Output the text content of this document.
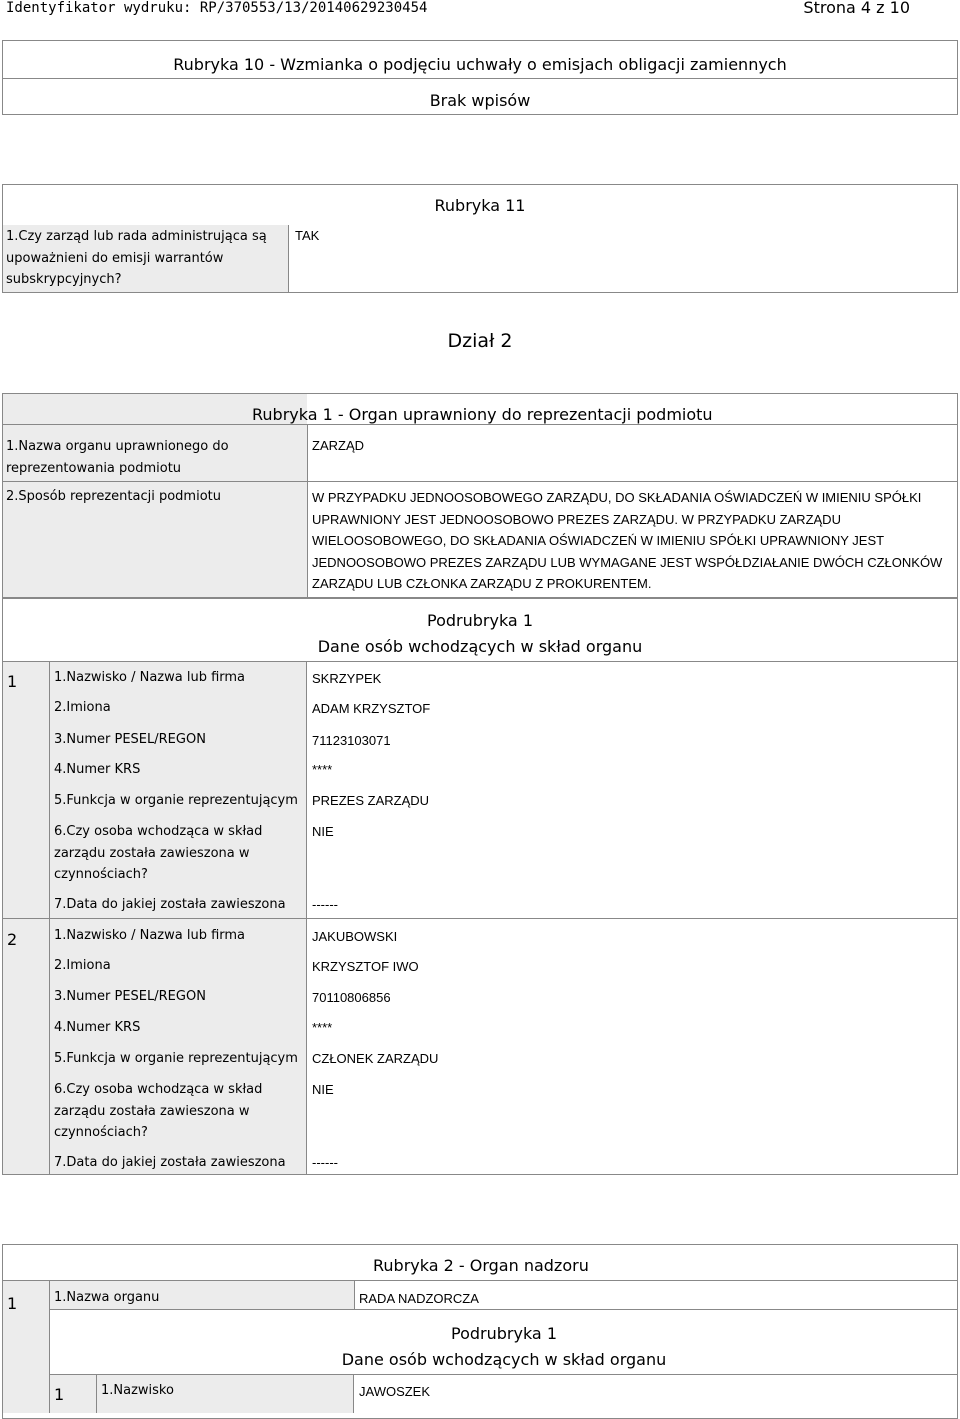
Identyfikator wydruku: RP/370553/13/20140629230454	Strona 4 z 10
Rubryka 10 - Wzmianka o podjęciu uchwały o emisjach obligacji zamiennych
Brak wpisów
Rubryka 11
1.Czy zarząd lub rada administrująca są upoważnieni do emisji warrantów subskrypcyjnych?
TAK
Dział 2
Rubryka 1 - Organ uprawniony do reprezentacji podmiotu
1.Nazwa organu uprawnionego do reprezentowania podmiotu
ZARZĄD
2.Sposób reprezentacji podmiotu	W PRZYPADKU JEDNOOSOBOWEGO ZARZĄDU, DO SKŁADANIA OŚWIADCZEŃ W IMIENIU SPÓŁKI UPRAWNIONY JEST JEDNOOSOBOWO PREZES ZARZĄDU. W PRZYPADKU ZARZĄDU WIELOOSOBOWEGO, DO SKŁADANIA OŚWIADCZEŃ W IMIENIU SPÓŁKI UPRAWNIONY JEST JEDNOOSOBOWO PREZES ZARZĄDU LUB WYMAGANE JEST WSPÓŁDZIAŁANIE DWÓCH CZŁONKÓW ZARZĄDU LUB CZŁONKA ZARZĄDU Z PROKURENTEM.
Podrubryka 1
Dane osób wchodzących w skład organu
1	1.Nazwisko / Nazwa lub firma	SKRZYPEK
2.Imiona	ADAM KRZYSZTOF
3.Numer PESEL/REGON	71123103071
4.Numer KRS	****
5.Funkcja w organie reprezentującym PREZES ZARZĄDU
6.Czy osoba wchodząca w skład zarządu została zawieszona w czynnościach?
NIE
7.Data do jakiej została zawieszona ------
2	1.Nazwisko / Nazwa lub firma	JAKUBOWSKI
2.Imiona	KRZYSZTOF IWO
3.Numer PESEL/REGON	70110806856
4.Numer KRS	****
5.Funkcja w organie reprezentującym CZŁONEK ZARZĄDU
6.Czy osoba wchodząca w skład zarządu została zawieszona w czynnościach?
NIE
7.Data do jakiej została zawieszona ------
Rubryka 2 - Organ nadzoru
1	1.Nazwa organu	RADA NADZORCZA
Podrubryka 1
Dane osób wchodzących w skład organu
1	1.Nazwisko	JAWOSZEK
